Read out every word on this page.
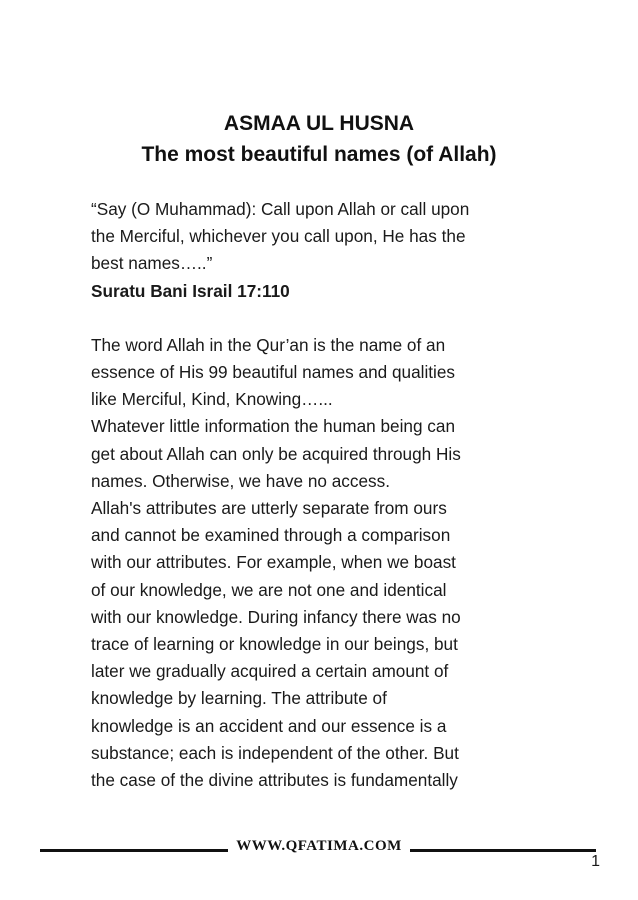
ASMAA UL HUSNA
The most beautiful names (of Allah)

“Say (O Muhammad): Call upon Allah or call upon

the Merciful, whichever you call upon, He has the

best names…..”

Suratu Bani Israil 17:110

The word Allah in the Qur’an is the name of an

essence of His 99 beautiful names and qualities

like Merciful, Kind, Knowing…...

Whatever little information the human being can

get about Allah can only be acquired through His

names. Otherwise, we have no access.

Allah's attributes are utterly separate from ours

and cannot be examined through a comparison

with our attributes. For example, when we boast

of our knowledge, we are not one and identical

with our knowledge. During infancy there was no

trace of learning or knowledge in our beings, but

later we gradually acquired a certain amount of

knowledge by learning. The attribute of

knowledge is an accident and our essence is a

substance; each is independent of the other. But

the case of the divine attributes is fundamentally

WWW.QFATIMA.COM
1
